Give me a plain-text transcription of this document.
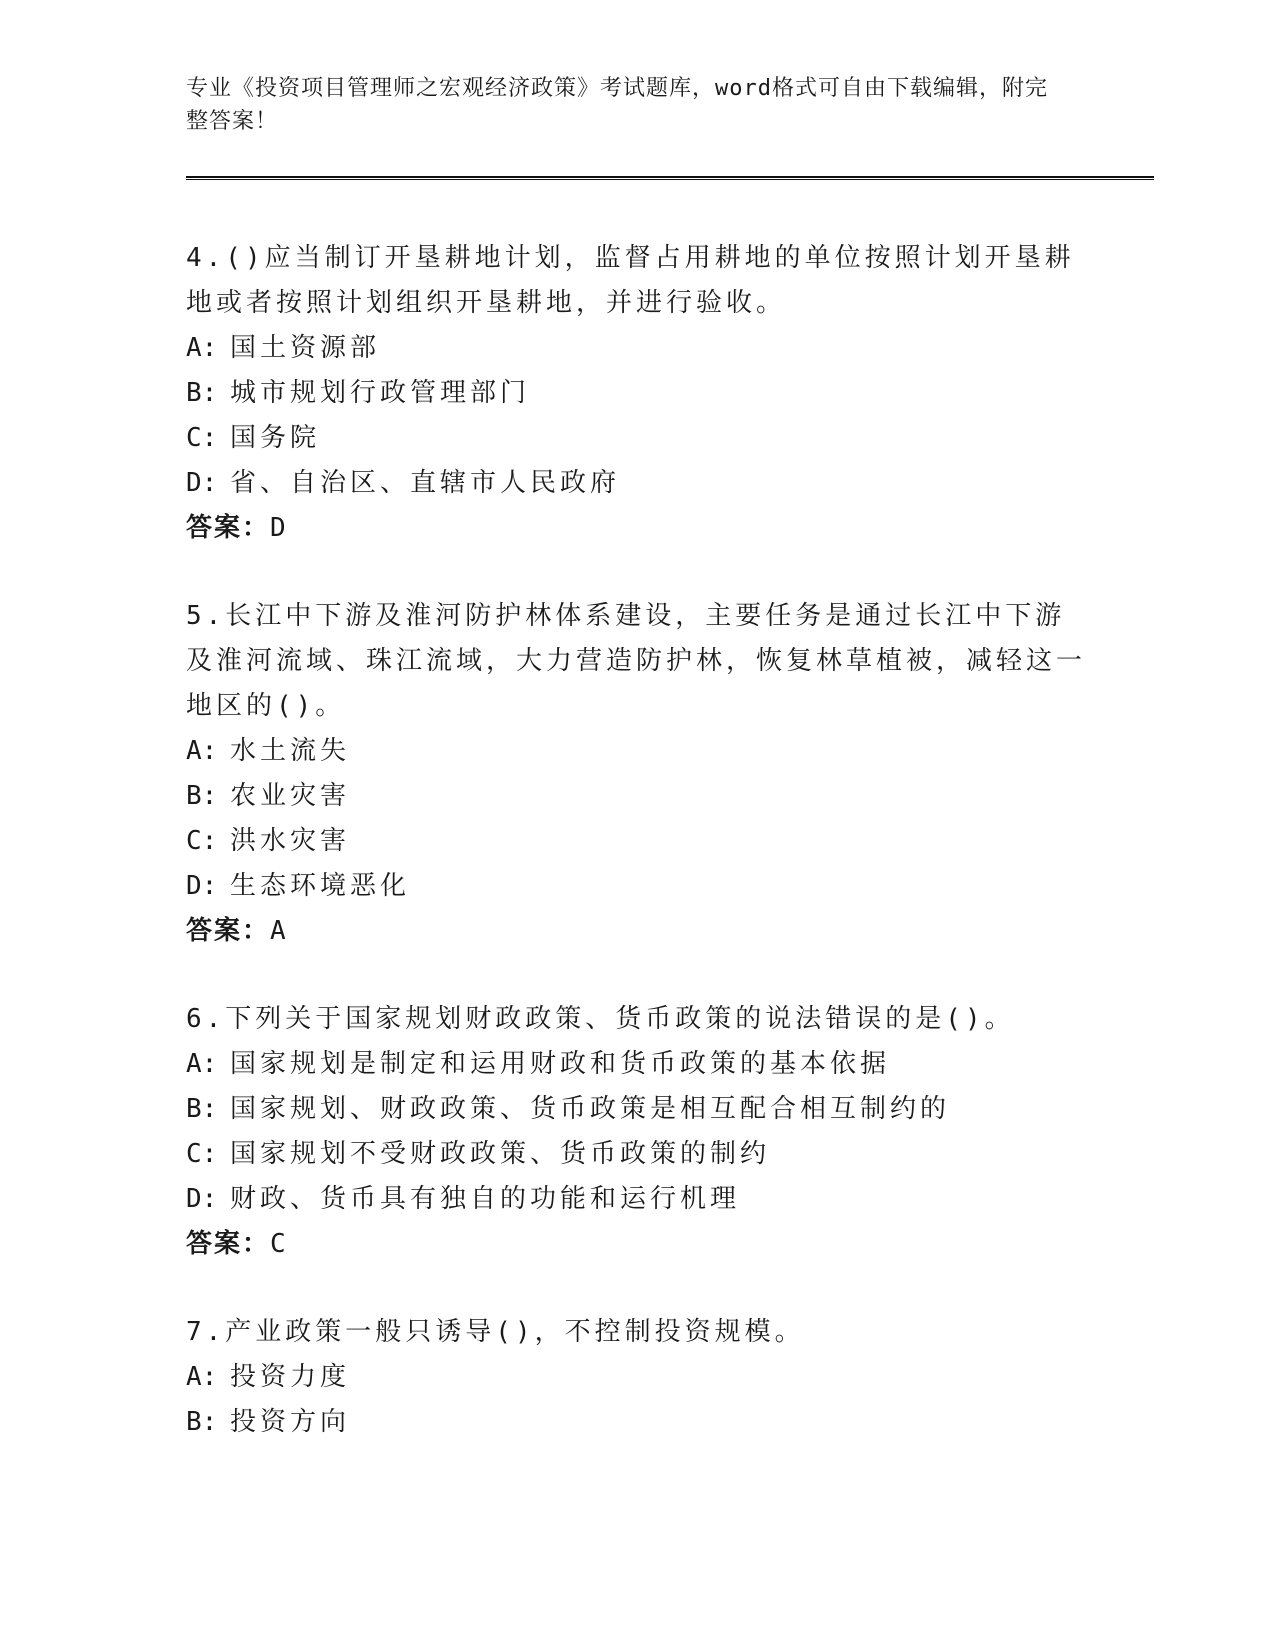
专业《投资项目管理师之宏观经济政策》考试题库，word格式可自由下载编辑，附完整答案！
4.()应当制订开垦耕地计划，监督占用耕地的单位按照计划开垦耕地或者按照计划组织开垦耕地，并进行验收。
A: 国土资源部
B: 城市规划行政管理部门
C: 国务院
D: 省、自治区、直辖市人民政府
答案：D
5.长江中下游及淮河防护林体系建设，主要任务是通过长江中下游及淮河流域、珠江流域，大力营造防护林，恢复林草植被，减轻这一地区的()。
A: 水土流失
B: 农业灾害
C: 洪水灾害
D: 生态环境恶化
答案：A
6.下列关于国家规划财政政策、货币政策的说法错误的是()。
A: 国家规划是制定和运用财政和货币政策的基本依据
B: 国家规划、财政政策、货币政策是相互配合相互制约的
C: 国家规划不受财政政策、货币政策的制约
D: 财政、货币具有独自的功能和运行机理
答案：C
7.产业政策一般只诱导()，不控制投资规模。
A: 投资力度
B: 投资方向
